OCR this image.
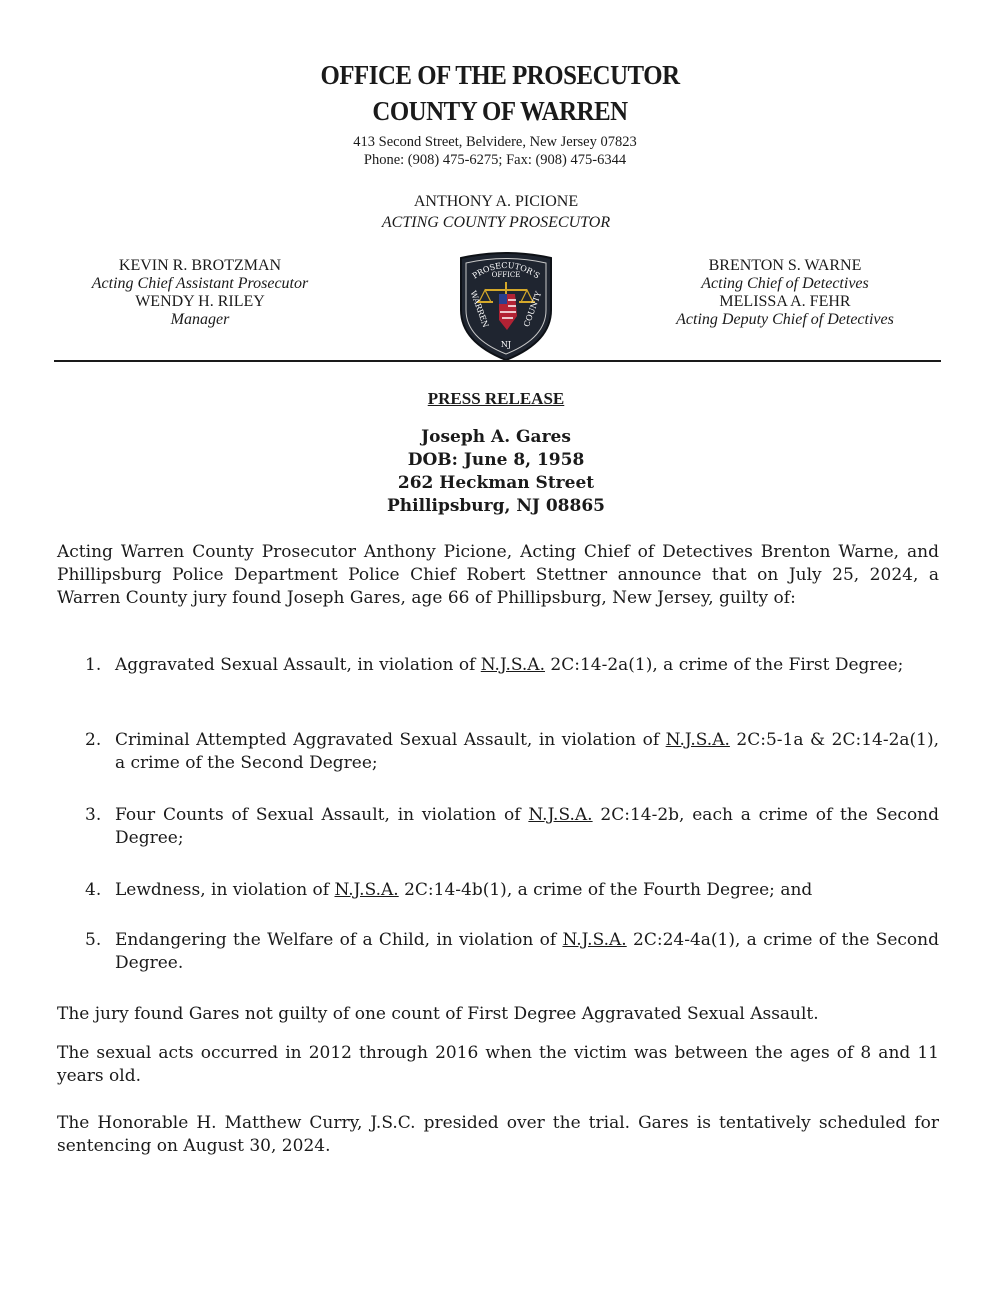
OFFICE OF THE PROSECUTOR
COUNTY OF WARREN
413 Second Street, Belvidere, New Jersey 07823
Phone: (908) 475-6275; Fax: (908) 475-6344
ANTHONY A. PICIONE
ACTING COUNTY PROSECUTOR
KEVIN R. BROTZMAN
Acting Chief Assistant Prosecutor
WENDY H. RILEY
Manager
BRENTON S. WARNE
Acting Chief of Detectives
MELISSA A. FEHR
Acting Deputy Chief of Detectives
PROSECUTOR'S
OFFICE
WARREN	COUNTY
NJ
PRESS RELEASE
Joseph A. Gares
DOB: June 8, 1958
262 Heckman Street
Phillipsburg, NJ 08865
Acting Warren County Prosecutor Anthony Picione, Acting Chief of Detectives Brenton Warne, and Phillipsburg Police Department Police Chief Robert Stettner announce that on July 25, 2024, a Warren County jury found Joseph Gares, age 66 of Phillipsburg, New Jersey, guilty of:
1. Aggravated Sexual Assault, in violation of N.J.S.A. 2C:14-2a(1), a crime of the First Degree;
2. Criminal Attempted Aggravated Sexual Assault, in violation of N.J.S.A. 2C:5-1a & 2C:14-2a(1), a crime of the Second Degree;
3. Four Counts of Sexual Assault, in violation of N.J.S.A. 2C:14-2b, each a crime of the Second Degree;
4. Lewdness, in violation of N.J.S.A. 2C:14-4b(1), a crime of the Fourth Degree; and
5. Endangering the Welfare of a Child, in violation of N.J.S.A. 2C:24-4a(1), a crime of the Second Degree.
The jury found Gares not guilty of one count of First Degree Aggravated Sexual Assault.
The sexual acts occurred in 2012 through 2016 when the victim was between the ages of 8 and 11 years old.
The Honorable H. Matthew Curry, J.S.C. presided over the trial. Gares is tentatively scheduled for sentencing on August 30, 2024.
